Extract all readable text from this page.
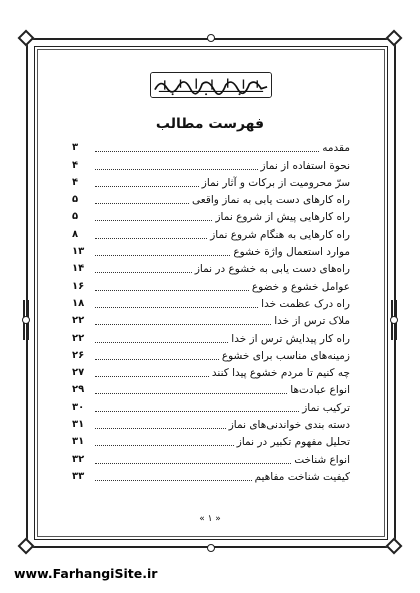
فهرست مطالب
مقدمه
۳
نحوة استفاده از نماز
۴
سرّ محرومیت از برکات و آثار نماز
۴
راه کارهای دست یابی به نماز واقعی
۵
راه کارهایی پیش از شروع نماز
۵
راه کارهایی به هنگام شروع نماز
۸
موارد استعمال واژة خشوع
۱۳
راه‌های دست یابی به خشوع در نماز
۱۴
عوامل خشوع و خضوع
۱۶
راه درک عظمت خدا
۱۸
ملاک ترس از خدا
۲۲
راه کار پیدایش ترس از خدا
۲۲
زمینه‌های مناسب برای خشوع
۲۶
چه کنیم تا مردم خشوع پیدا کنند
۲۷
انواع عبادت‌ها
۲۹
ترکیب نماز
۳۰
دسته بندی خواندنی‌های نماز
۳۱
تحلیل مفهوم تکبیر در نماز
۳۱
انواع شناخت
۳۲
کیفیت شناخت مفاهیم
۳۳
« ۱ »
www.FarhangiSite.ir
